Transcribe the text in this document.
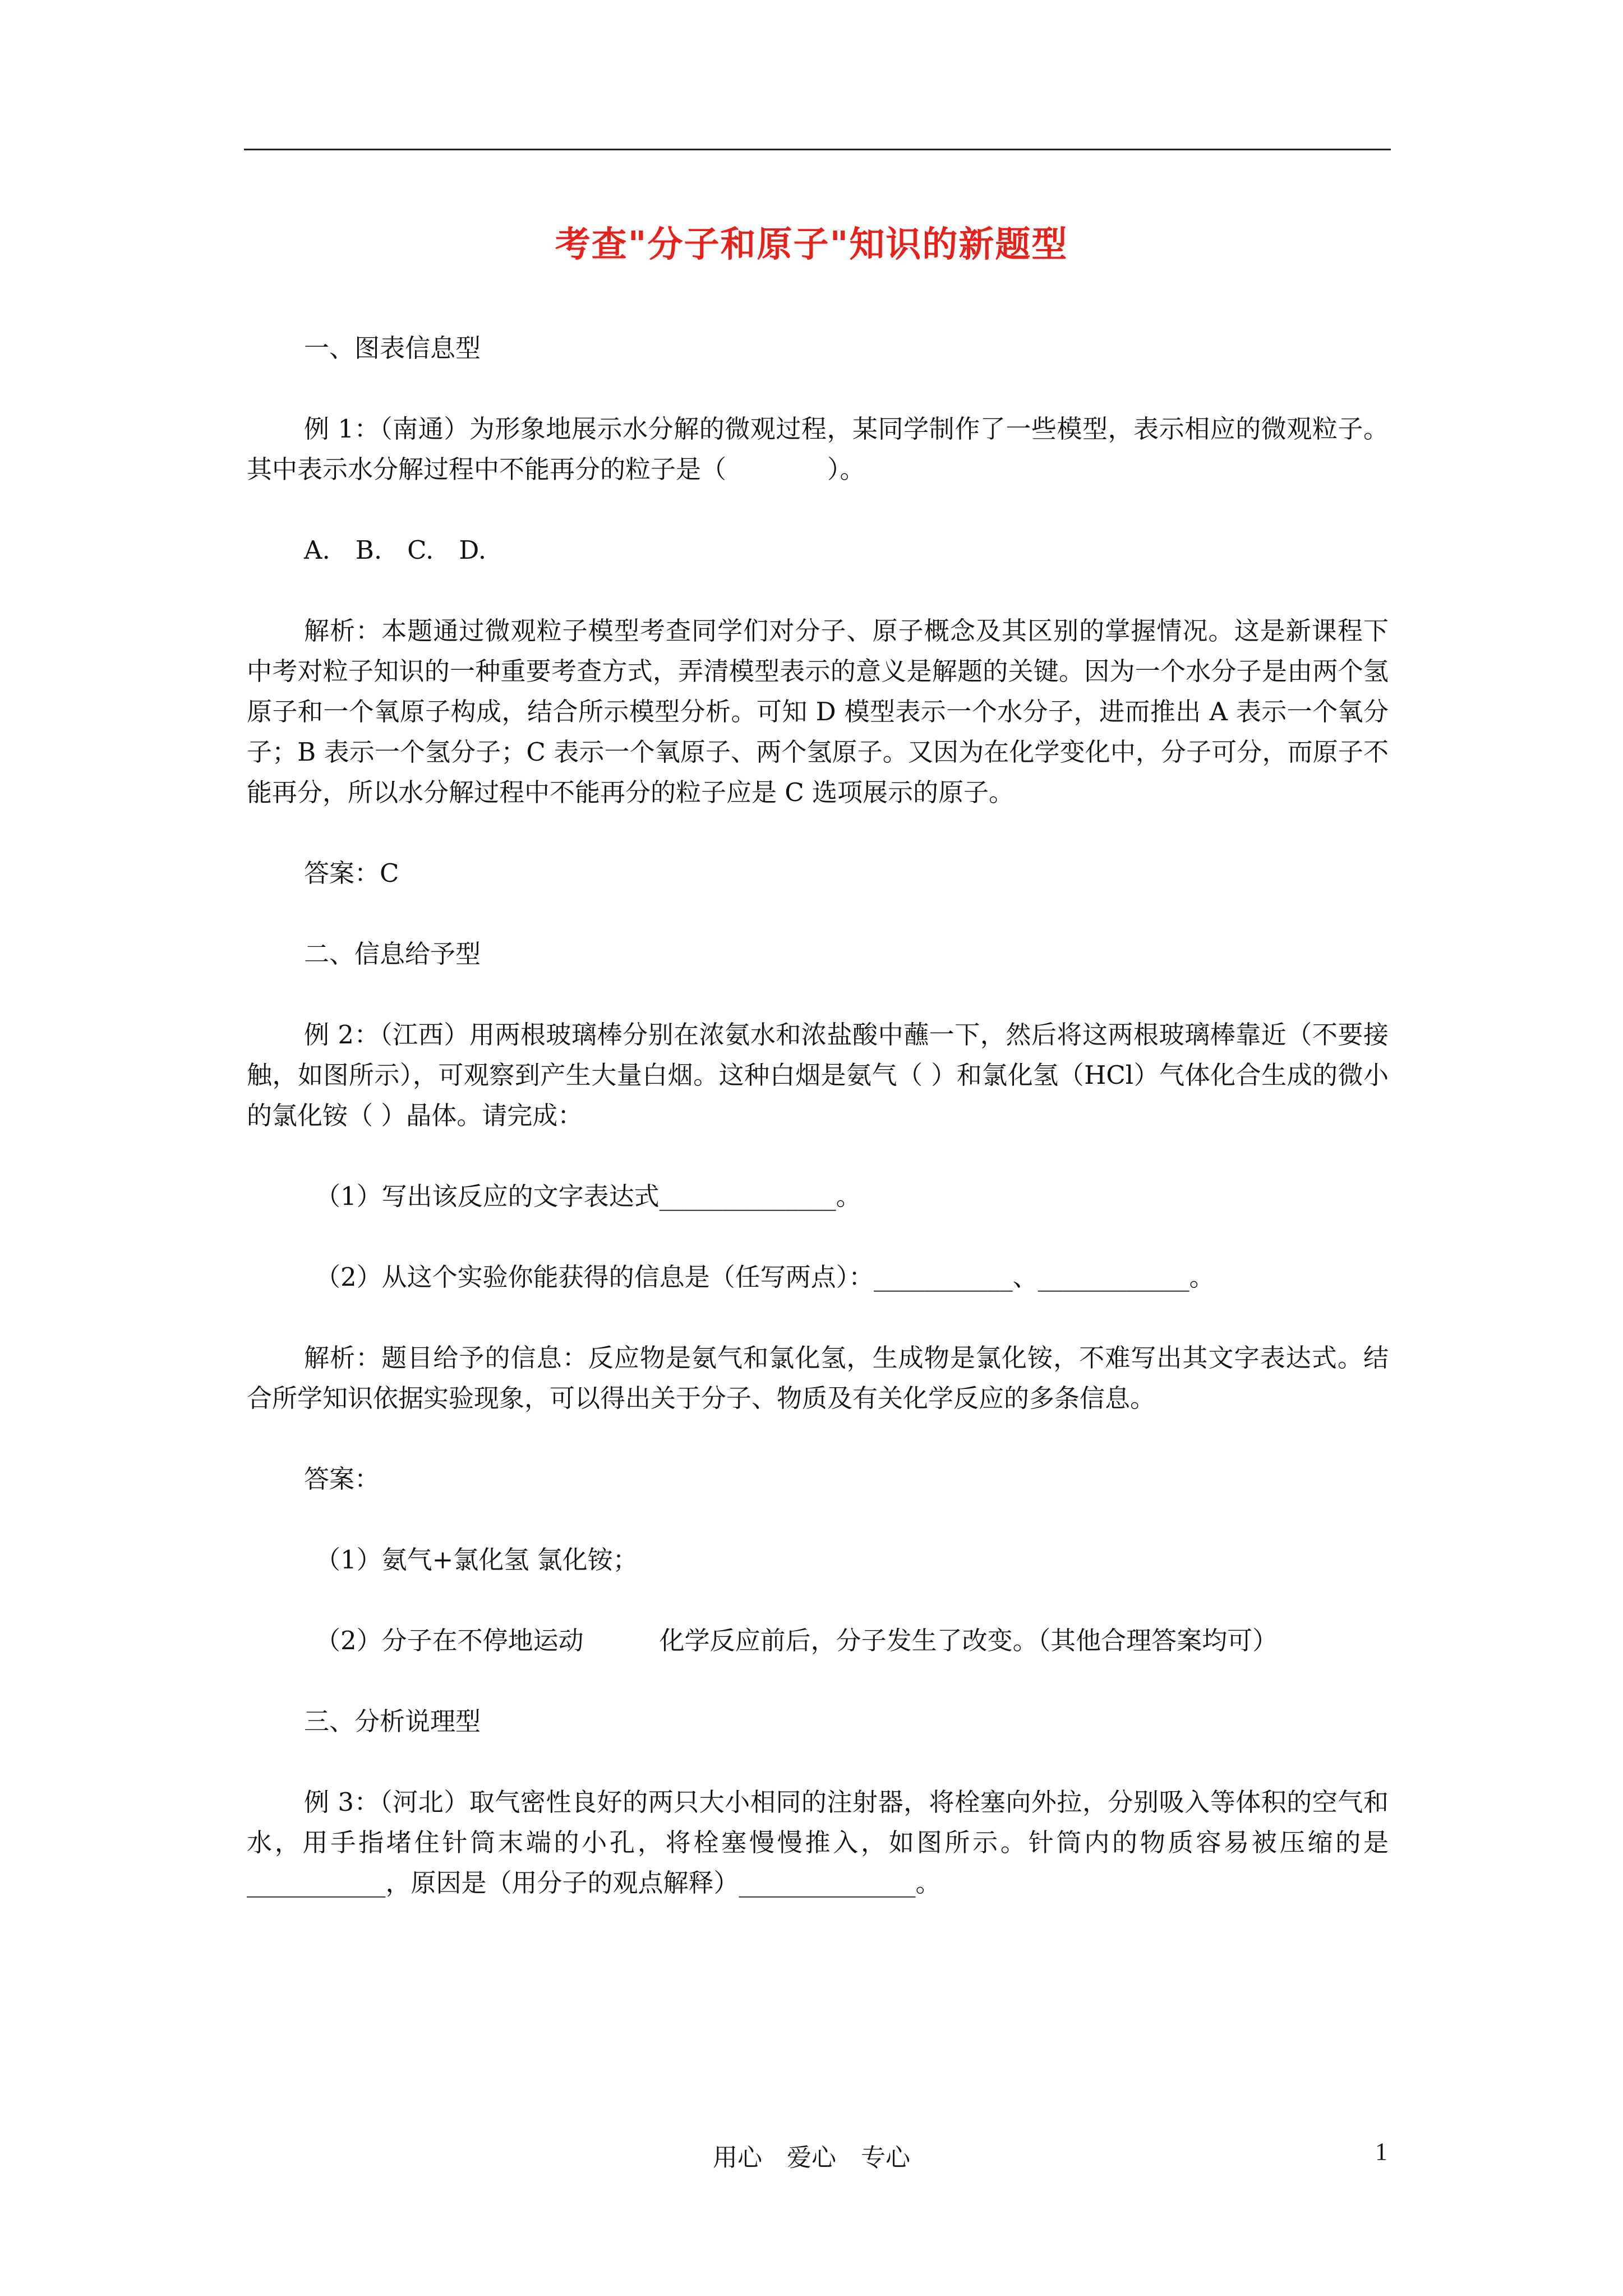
考查"分子和原子"知识的新题型

一、图表信息型

例 1：（南通）为形象地展示水分解的微观过程，某同学制作了一些模型，表示相应的微观粒子。其中表示水分解过程中不能再分的粒子是（　　　　）。

A.　B.　C.　D.

解析：本题通过微观粒子模型考查同学们对分子、原子概念及其区别的掌握情况。这是新课程下中考对粒子知识的一种重要考查方式，弄清模型表示的意义是解题的关键。因为一个水分子是由两个氢原子和一个氧原子构成，结合所示模型分析。可知 D 模型表示一个水分子，进而推出 A 表示一个氧分子；B 表示一个氢分子；C 表示一个氧原子、两个氢原子。又因为在化学变化中，分子可分，而原子不能再分，所以水分解过程中不能再分的粒子应是 C 选项展示的原子。

答案：C

二、信息给予型

例 2：（江西）用两根玻璃棒分别在浓氨水和浓盐酸中蘸一下，然后将这两根玻璃棒靠近（不要接触，如图所示），可观察到产生大量白烟。这种白烟是氨气（ ）和氯化氢（HCl）气体化合生成的微小的氯化铵（ ）晶体。请完成：

（1）写出该反应的文字表达式______________。

（2）从这个实验你能获得的信息是（任写两点）：___________、____________。

解析：题目给予的信息：反应物是氨气和氯化氢，生成物是氯化铵，不难写出其文字表达式。结合所学知识依据实验现象，可以得出关于分子、物质及有关化学反应的多条信息。

答案：

（1）氨气+氯化氢 氯化铵；

（2）分子在不停地运动　　　化学反应前后，分子发生了改变。（其他合理答案均可）

三、分析说理型

例 3：（河北）取气密性良好的两只大小相同的注射器，将栓塞向外拉，分别吸入等体积的空气和水，用手指堵住针筒末端的小孔，将栓塞慢慢推入，如图所示。针筒内的物质容易被压缩的是___________，原因是（用分子的观点解释）______________。

用心　爱心　专心	1
